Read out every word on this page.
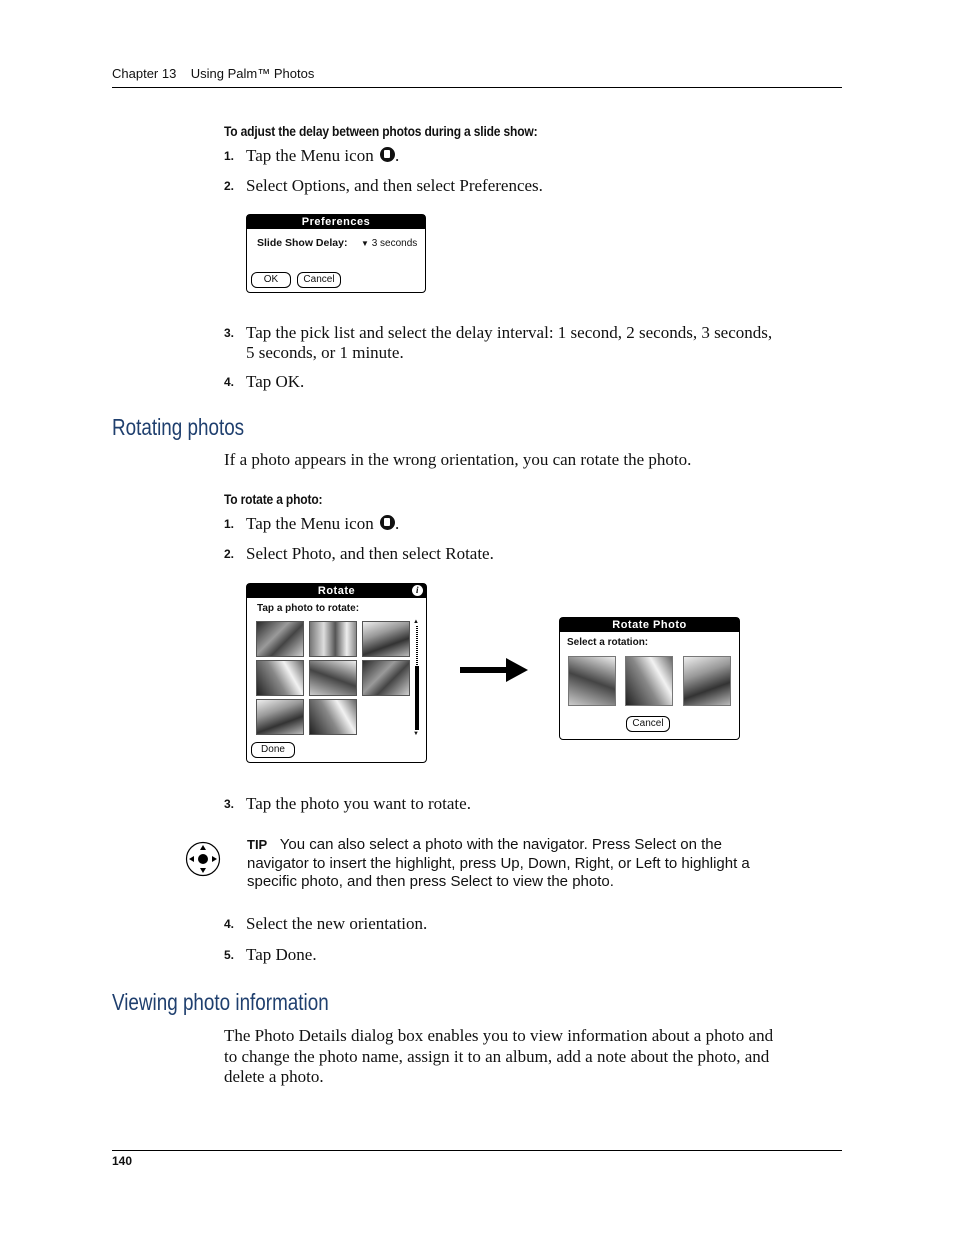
Chapter 13 Using Palm™ Photos
To adjust the delay between photos during a slide show:
1. Tap the Menu icon .
2. Select Options, and then select Preferences.
Preferences
Slide Show Delay: ▼ 3 seconds
OK	Cancel
3. Tap the pick list and select the delay interval: 1 second, 2 seconds, 3 seconds,
5 seconds, or 1 minute.
4. Tap OK.
Rotating photos
If a photo appears in the wrong orientation, you can rotate the photo.
To rotate a photo:
1. Tap the Menu icon .
2. Select Photo, and then select Rotate.
Rotate	i
Tap a photo to rotate:
▲
▼
Done
Rotate Photo
Select a rotation:
Cancel
3. Tap the photo you want to rotate.
TIP You can also select a photo with the navigator. Press Select on the
navigator to insert the highlight, press Up, Down, Right, or Left to highlight a
specific photo, and then press Select to view the photo.
4. Select the new orientation.
5. Tap Done.
Viewing photo information
The Photo Details dialog box enables you to view information about a photo and
to change the photo name, assign it to an album, add a note about the photo, and
delete a photo.
140
